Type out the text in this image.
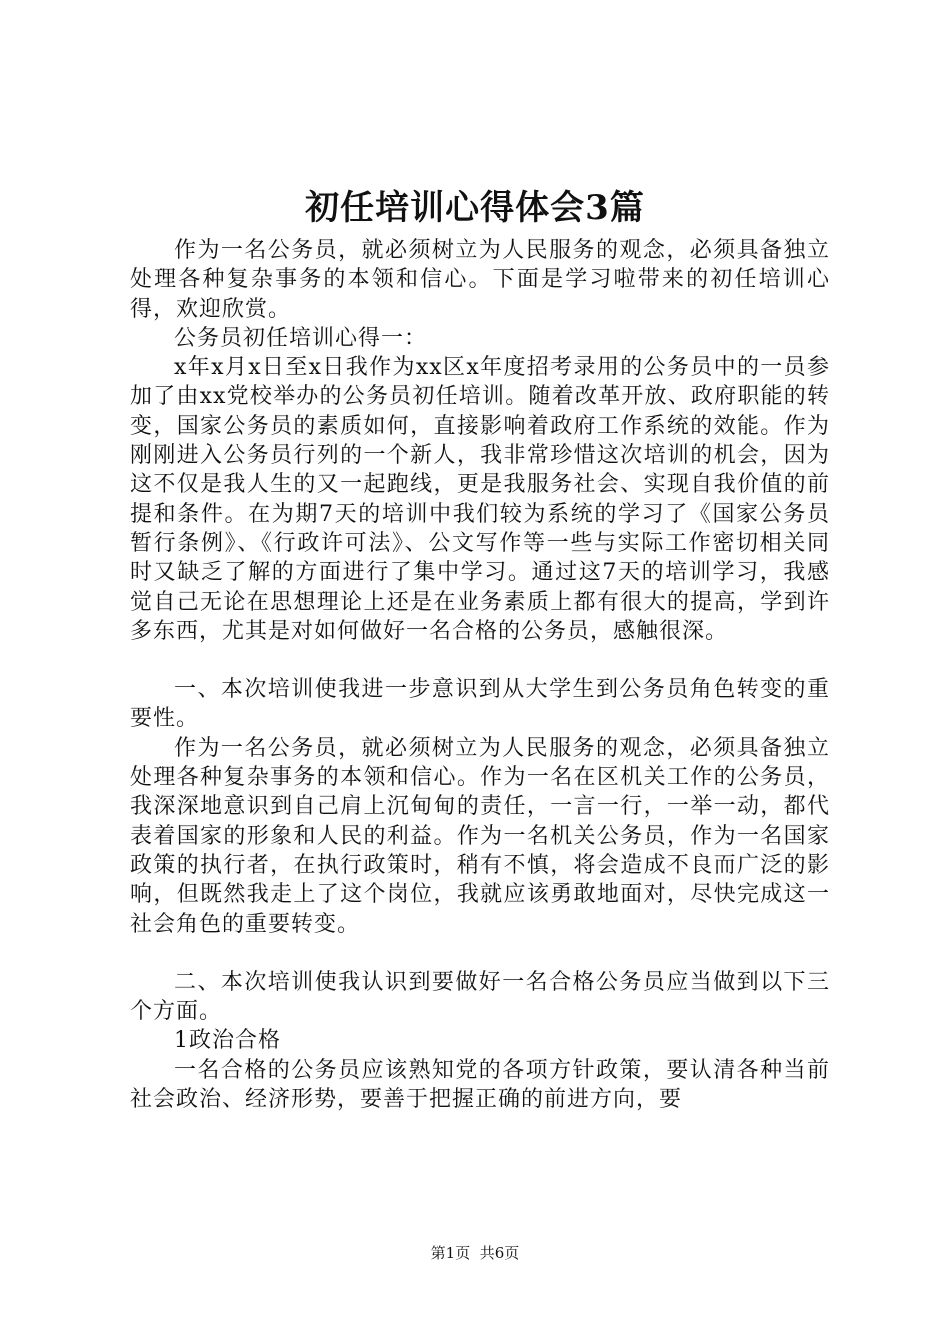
初任培训心得体会3篇

作为一名公务员，就必须树立为人民服务的观念，必须具备独立处理各种复杂事务的本领和信心。下面是学习啦带来的初任培训心得，欢迎欣赏。

公务员初任培训心得一：

x年x月x日至x日我作为xx区x年度招考录用的公务员中的一员参加了由xx党校举办的公务员初任培训。随着改革开放、政府职能的转变，国家公务员的素质如何，直接影响着政府工作系统的效能。作为刚刚进入公务员行列的一个新人，我非常珍惜这次培训的机会，因为这不仅是我人生的又一起跑线，更是我服务社会、实现自我价值的前提和条件。在为期7天的培训中我们较为系统的学习了《国家公务员暂行条例》、《行政许可法》、公文写作等一些与实际工作密切相关同时又缺乏了解的方面进行了集中学习。通过这7天的培训学习，我感觉自己无论在思想理论上还是在业务素质上都有很大的提高，学到许多东西，尤其是对如何做好一名合格的公务员，感触很深。

一、本次培训使我进一步意识到从大学生到公务员角色转变的重要性。

作为一名公务员，就必须树立为人民服务的观念，必须具备独立处理各种复杂事务的本领和信心。作为一名在区机关工作的公务员，我深深地意识到自己肩上沉甸甸的责任，一言一行，一举一动，都代表着国家的形象和人民的利益。作为一名机关公务员，作为一名国家政策的执行者，在执行政策时，稍有不慎，将会造成不良而广泛的影响，但既然我走上了这个岗位，我就应该勇敢地面对，尽快完成这一社会角色的重要转变。

二、本次培训使我认识到要做好一名合格公务员应当做到以下三个方面。

1政治合格

一名合格的公务员应该熟知党的各项方针政策，要认清各种当前社会政治、经济形势，要善于把握正确的前进方向，要

第1页 共6页
